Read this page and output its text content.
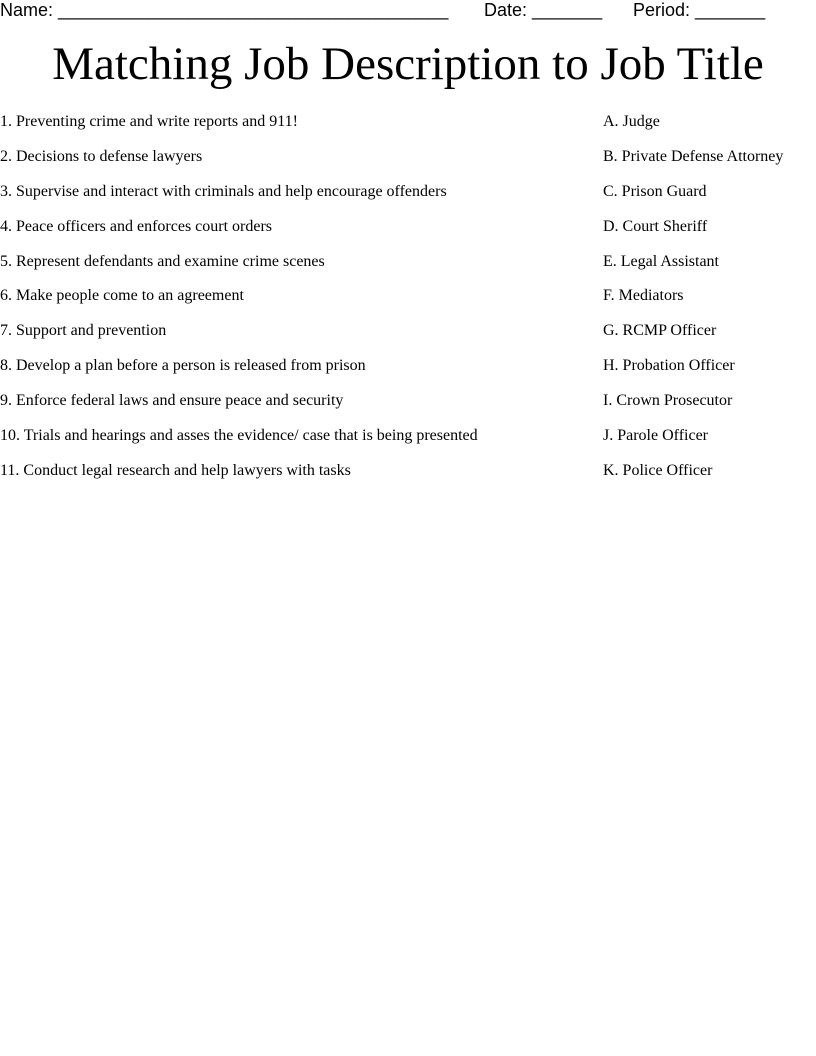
Name: _______________________________________ Date: _______ Period: _______
Matching Job Description to Job Title
1. Preventing crime and write reports and 911!
2. Decisions to defense lawyers
3. Supervise and interact with criminals and help encourage offenders
4. Peace officers and enforces court orders
5. Represent defendants and examine crime scenes
6. Make people come to an agreement
7. Support and prevention
8. Develop a plan before a person is released from prison
9. Enforce federal laws and ensure peace and security
10. Trials and hearings and asses the evidence/ case that is being presented
11. Conduct legal research and help lawyers with tasks
A. Judge
B. Private Defense Attorney
C. Prison Guard
D. Court Sheriff
E. Legal Assistant
F. Mediators
G. RCMP Officer
H. Probation Officer
I. Crown Prosecutor
J. Parole Officer
K. Police Officer
